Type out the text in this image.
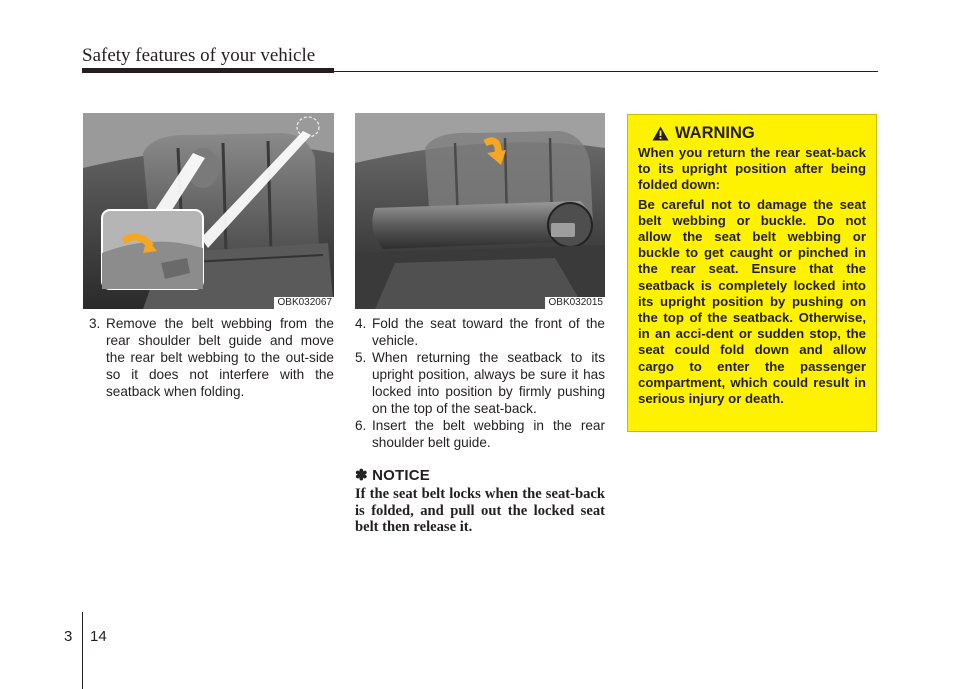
Safety features of your vehicle
OBK032067	OBK032015

3. Remove the belt webbing from the rear shoulder belt guide and move the rear belt webbing to the out-side so it does not interfere with the seatback when folding.

4. Fold the seat toward the front of the vehicle.

5. When returning the seatback to its upright position, always be sure it has locked into position by firmly pushing on the top of the seat-back.

6. Insert the belt webbing in the rear shoulder belt guide.

✽ NOTICE

If the seat belt locks when the seat-back is folded, and pull out the locked seat belt then release it.

WARNING

When you return the rear seat-back to its upright position after being folded down:

Be careful not to damage the seat belt webbing or buckle. Do not allow the seat belt webbing or buckle to get caught or pinched in the rear seat. Ensure that the seatback is completely locked into its upright position by pushing on the top of the seatback. Otherwise, in an acci-dent or sudden stop, the seat could fold down and allow cargo to enter the passenger compartment, which could result in serious injury or death.

3 14
